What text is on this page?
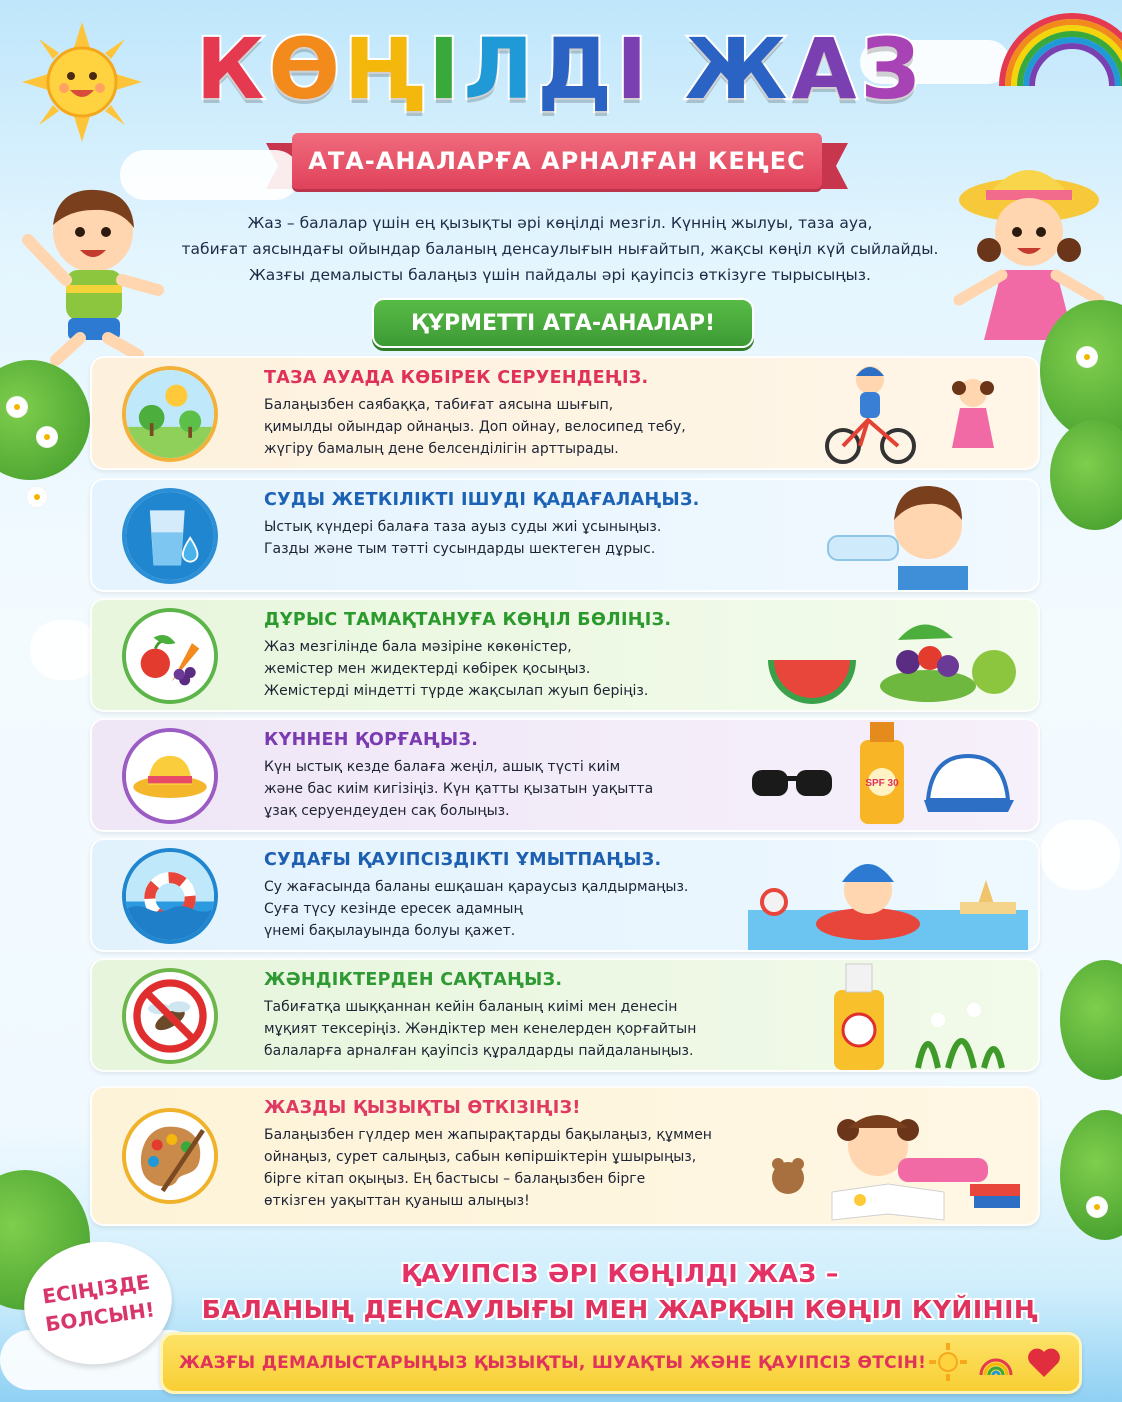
КӨҢІЛДІ ЖАЗ
АТА-АНАЛАРҒА АРНАЛҒАН КЕҢЕС
Жаз – балалар үшін ең қызықты әрі көңілді мезгіл. Күннің жылуы, таза ауа,
табиғат аясындағы ойындар баланың денсаулығын нығайтып, жақсы көңіл күй сыйлайды.
Жазғы демалысты балаңыз үшін пайдалы әрі қауіпсіз өткізуге тырысыңыз.
ҚҰРМЕТТІ АТА-АНАЛАР!
ТАЗА АУАДА КӨБІРЕК СЕРУЕНДЕҢІЗ.
Балаңызбен саябаққа, табиғат аясына шығып,
қимылды ойындар ойнаңыз. Доп ойнау, велосипед тебу,
жүгіру бамалың дене белсенділігін арттырады.
СУДЫ ЖЕТКІЛІКТІ ІШУДІ ҚАДАҒАЛАҢЫЗ.
Ыстық күндері балаға таза ауыз суды жиі ұсыныңыз.
Газды және тым тәтті сусындарды шектеген дұрыс.
ДҰРЫС ТАМАҚТАНУҒА КӨҢІЛ БӨЛІҢІЗ.
Жаз мезгілінде бала мәзіріне көкөністер,
жемістер мен жидектерді көбірек қосыңыз.
Жемістерді міндетті түрде жақсылап жуып беріңіз.
КҮННЕН ҚОРҒАҢЫЗ.
Күн ыстық кезде балаға жеңіл, ашық түсті киім
және бас киім кигізіңіз. Күн қатты қызатын уақытта
ұзақ серуендеуден сақ болыңыз.
SPF 30
СУДАҒЫ ҚАУІПСІЗДІКТІ ҰМЫТПАҢЫЗ.
Су жағасында баланы ешқашан қараусыз қалдырмаңыз.
Суға түсу кезінде ересек адамның
үнемі бақылауында болуы қажет.
ЖӘНДІКТЕРДЕН САҚТАҢЫЗ.
Табиғатқа шыққаннан кейін баланың киімі мен денесін
мұқият тексеріңіз. Жәндіктер мен кенелерден қорғайтын
балаларға арналған қауіпсіз құралдарды пайдаланыңыз.
ЖАЗДЫ ҚЫЗЫҚТЫ ӨТКІЗІҢІЗ!
Балаңызбен гүлдер мен жапырақтарды бақылаңыз, құммен
ойнаңыз, сурет салыңыз, сабын көпіршіктерін ұшырыңыз,
бірге кітап оқыңыз. Ең бастысы – балаңызбен бірге
өткізген уақыттан қуаныш алыңыз!
ЕСІҢІЗДЕ
БОЛСЫН!
ҚАУІПСІЗ ӘРІ КӨҢІЛДІ ЖАЗ –
БАЛАНЫҢ ДЕНСАУЛЫҒЫ МЕН ЖАРҚЫН КӨҢІЛ КҮЙІНІҢ
ЖАЗҒЫ ДЕМАЛЫСТАРЫҢЫЗ ҚЫЗЫҚТЫ, ШУАҚТЫ ЖӘНЕ ҚАУІПСІЗ ӨТСІН!
